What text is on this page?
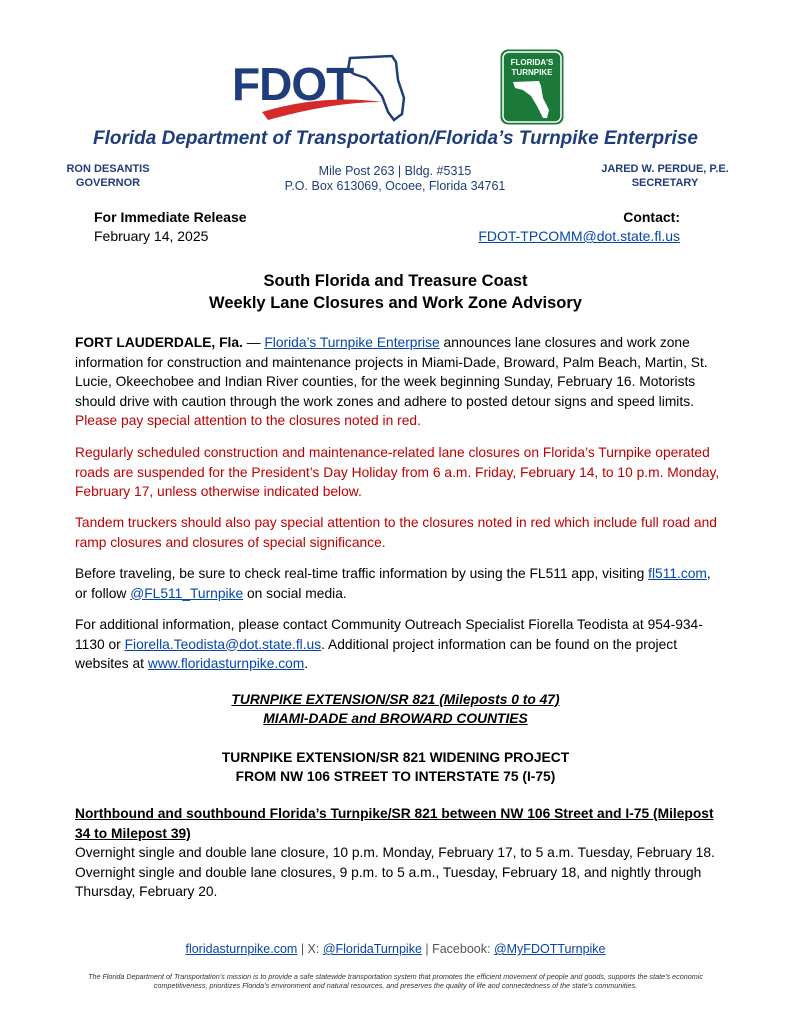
FDOT	FLORIDA'S
TURNPIKE
Florida Department of Transportation/Florida’s Turnpike Enterprise
RON DESANTIS
GOVERNOR
Mile Post 263 | Bldg. #5315
P.O. Box 613069, Ocoee, Florida 34761
JARED W. PERDUE, P.E.
SECRETARY
For Immediate Release
February 14, 2025
Contact:
FDOT-TPCOMM@dot.state.fl.us
South Florida and Treasure Coast
Weekly Lane Closures and Work Zone Advisory
FORT LAUDERDALE, Fla. — Florida’s Turnpike Enterprise announces lane closures and work zone information for construction and maintenance projects in Miami-Dade, Broward, Palm Beach, Martin, St. Lucie, Okeechobee and Indian River counties, for the week beginning Sunday, February 16. Motorists should drive with caution through the work zones and adhere to posted detour signs and speed limits. Please pay special attention to the closures noted in red.
Regularly scheduled construction and maintenance-related lane closures on Florida’s Turnpike operated roads are suspended for the President’s Day Holiday from 6 a.m. Friday, February 14, to 10 p.m. Monday, February 17, unless otherwise indicated below.
Tandem truckers should also pay special attention to the closures noted in red which include full road and ramp closures and closures of special significance.
Before traveling, be sure to check real-time traffic information by using the FL511 app, visiting fl511.com, or follow @FL511_Turnpike on social media.
For additional information, please contact Community Outreach Specialist Fiorella Teodista at 954-934-1130 or Fiorella.Teodista@dot.state.fl.us. Additional project information can be found on the project websites at www.floridasturnpike.com.
TURNPIKE EXTENSION/SR 821 (Mileposts 0 to 47)
MIAMI-DADE and BROWARD COUNTIES
TURNPIKE EXTENSION/SR 821 WIDENING PROJECT
FROM NW 106 STREET TO INTERSTATE 75 (I-75)
Northbound and southbound Florida’s Turnpike/SR 821 between NW 106 Street and I-75 (Milepost 34 to Milepost 39)
Overnight single and double lane closure, 10 p.m. Monday, February 17, to 5 a.m. Tuesday, February 18.
Overnight single and double lane closures, 9 p.m. to 5 a.m., Tuesday, February 18, and nightly through Thursday, February 20.
floridasturnpike.com | X: @FloridaTurnpike | Facebook: @MyFDOTTurnpike
The Florida Department of Transportation’s mission is to provide a safe statewide transportation system that promotes the efficient movement of people and goods, supports the state’s economic competitiveness, prioritizes Florida’s environment and natural resources, and preserves the quality of life and connectedness of the state’s communities.
